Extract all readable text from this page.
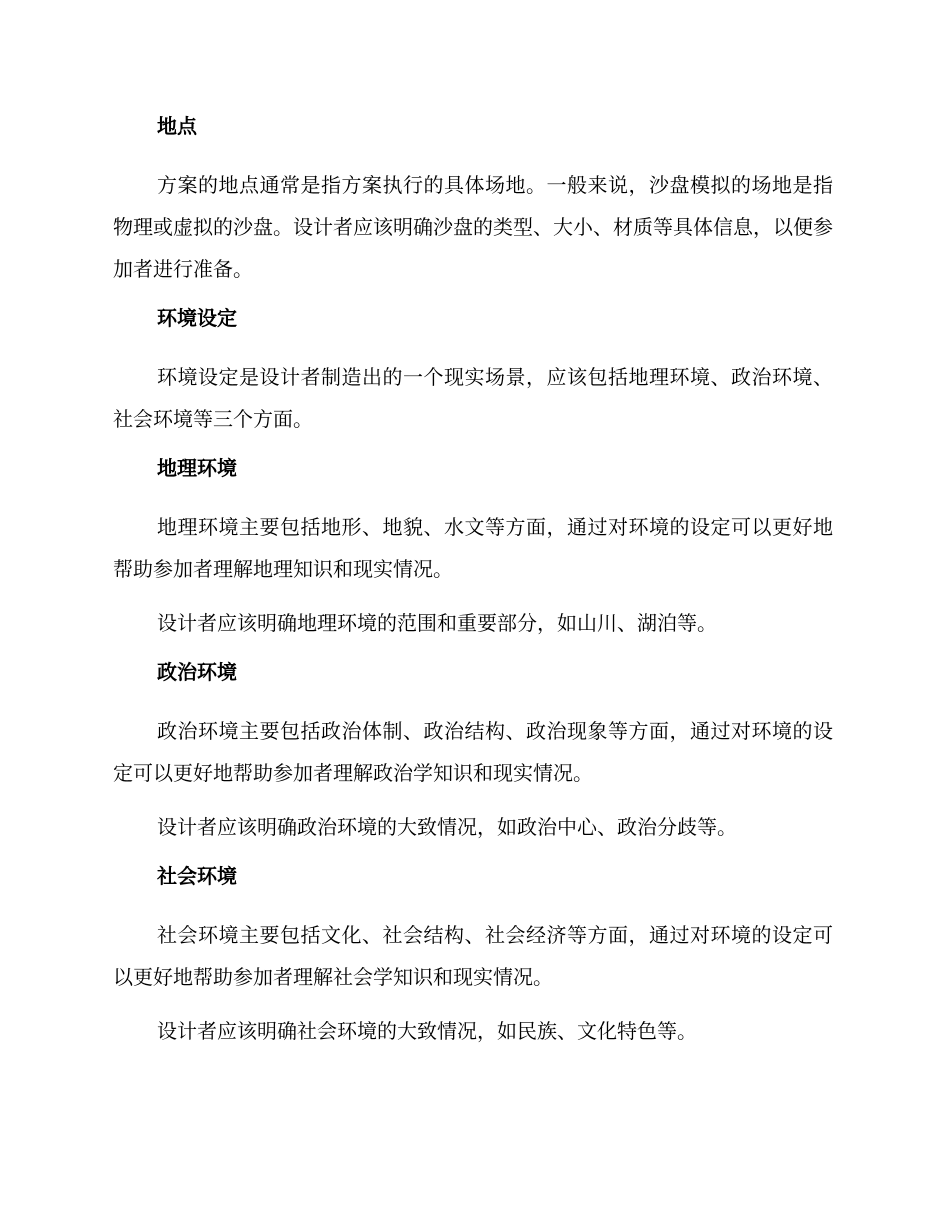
地点

方案的地点通常是指方案执行的具体场地。一般来说，沙盘模拟的场地是指物理或虚拟的沙盘。设计者应该明确沙盘的类型、大小、材质等具体信息，以便参加者进行准备。

环境设定

环境设定是设计者制造出的一个现实场景，应该包括地理环境、政治环境、社会环境等三个方面。

地理环境

地理环境主要包括地形、地貌、水文等方面，通过对环境的设定可以更好地帮助参加者理解地理知识和现实情况。

设计者应该明确地理环境的范围和重要部分，如山川、湖泊等。

政治环境

政治环境主要包括政治体制、政治结构、政治现象等方面，通过对环境的设定可以更好地帮助参加者理解政治学知识和现实情况。

设计者应该明确政治环境的大致情况，如政治中心、政治分歧等。

社会环境

社会环境主要包括文化、社会结构、社会经济等方面，通过对环境的设定可以更好地帮助参加者理解社会学知识和现实情况。

设计者应该明确社会环境的大致情况，如民族、文化特色等。
